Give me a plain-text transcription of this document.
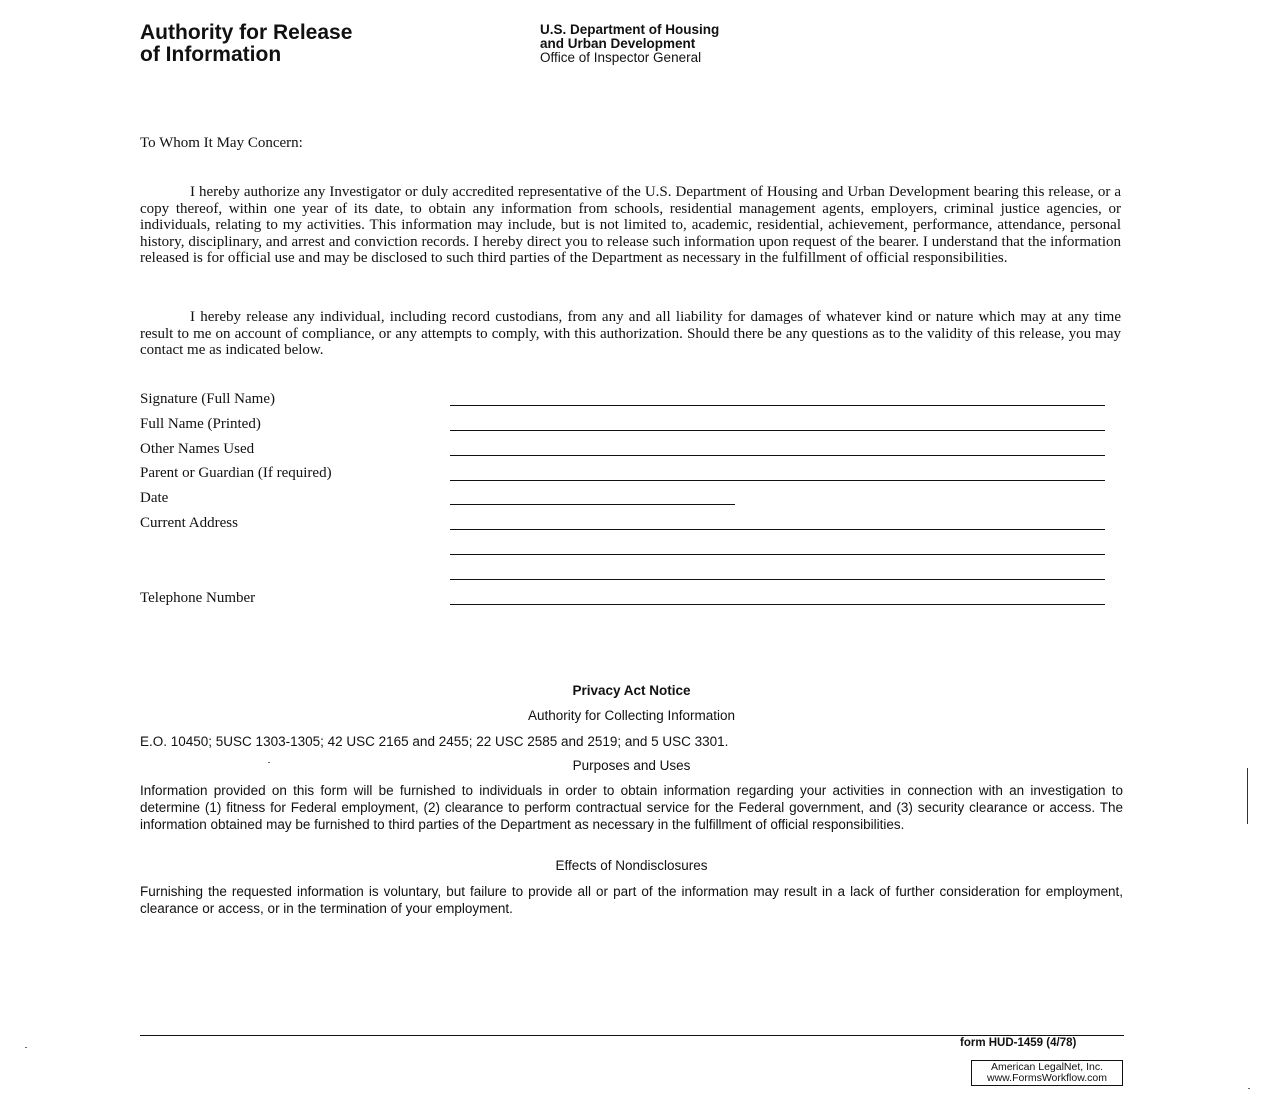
Authority for Release
of Information
U.S. Department of Housing
and Urban Development
Office of Inspector General
To Whom It May Concern:

I hereby authorize any Investigator or duly accredited representative of the U.S. Department of Housing and Urban Development bearing this release, or a copy thereof, within one year of its date, to obtain any information from schools, residential management agents, employers, criminal justice agencies, or individuals, relating to my activities. This information may include, but is not limited to, academic, residential, achievement, performance, attendance, personal history, disciplinary, and arrest and conviction records. I hereby direct you to release such information upon request of the bearer. I understand that the information released is for official use and may be disclosed to such third parties of the Department as necessary in the fulfillment of official responsibilities.

I hereby release any individual, including record custodians, from any and all liability for damages of whatever kind or nature which may at any time result to me on account of compliance, or any attempts to comply, with this authorization. Should there be any questions as to the validity of this release, you may contact me as indicated below.

Signature (Full Name)
Full Name (Printed)
Other Names Used
Parent or Guardian (If required)
Date
Current Address
Telephone Number
Privacy Act Notice
Authority for Collecting Information

E.O. 10450; 5USC 1303-1305; 42 USC 2165 and 2455; 22 USC 2585 and 2519; and 5 USC 3301.

Purposes and Uses

Information provided on this form will be furnished to individuals in order to obtain information regarding your activities in connection with an investigation to determine (1) fitness for Federal employment, (2) clearance to perform contractual service for the Federal government, and (3) security clearance or access. The information obtained may be furnished to third parties of the Department as necessary in the fulfillment of official responsibilities.

Effects of Nondisclosures

Furnishing the requested information is voluntary, but failure to provide all or part of the information may result in a lack of further consideration for employment, clearance or access, or in the termination of your employment.

form HUD-1459 (4/78)
American LegalNet, Inc.
www.FormsWorkflow.com
